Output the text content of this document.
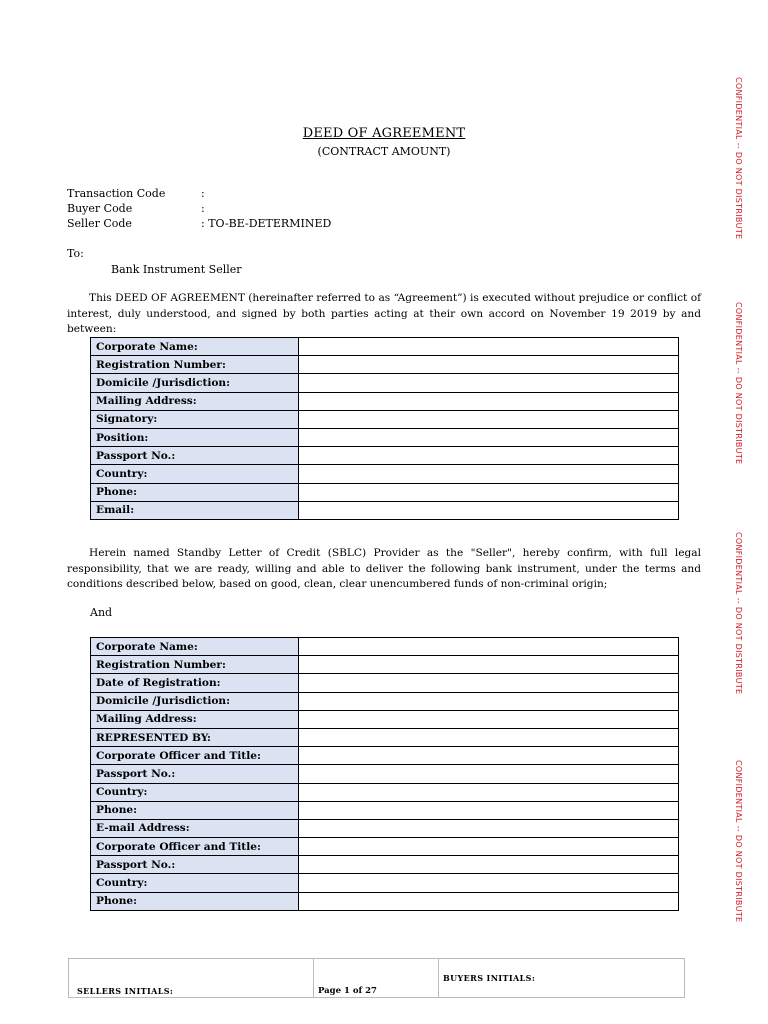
DEED OF AGREEMENT
(CONTRACT AMOUNT)
Transaction Code	:
Buyer Code	:
Seller Code	: TO-BE-DETERMINED
To:
Bank Instrument Seller
This DEED OF AGREEMENT (hereinafter referred to as “Agreement”) is executed without prejudice or conflict of interest, duly understood, and signed by both parties acting at their own accord on November 19 2019 by and between:
Corporate Name:	
Registration Number:	
Domicile /Jurisdiction:	
Mailing Address:	
Signatory:	
Position:	
Passport No.:	
Country:	
Phone:	
Email:	
Herein named Standby Letter of Credit (SBLC) Provider as the "Seller", hereby confirm, with full legal responsibility, that we are ready, willing and able to deliver the following bank instrument, under the terms and conditions described below, based on good, clean, clear unencumbered funds of non-criminal origin;
And
Corporate Name:	
Registration Number:	
Date of Registration:	
Domicile /Jurisdiction:	
Mailing Address:	
REPRESENTED BY:	
Corporate Officer and Title:	
Passport No.:	
Country:	
Phone:	
E-mail Address:	
Corporate Officer and Title:	
Passport No.:	
Country:	
Phone:	
CONFIDENTIAL -- DO NOT DISTRIBUTE
CONFIDENTIAL -- DO NOT DISTRIBUTE
CONFIDENTIAL -- DO NOT DISTRIBUTE
CONFIDENTIAL -- DO NOT DISTRIBUTE
SELLERS INITIALS:	Page 1 of 27
BUYERS INITIALS:
